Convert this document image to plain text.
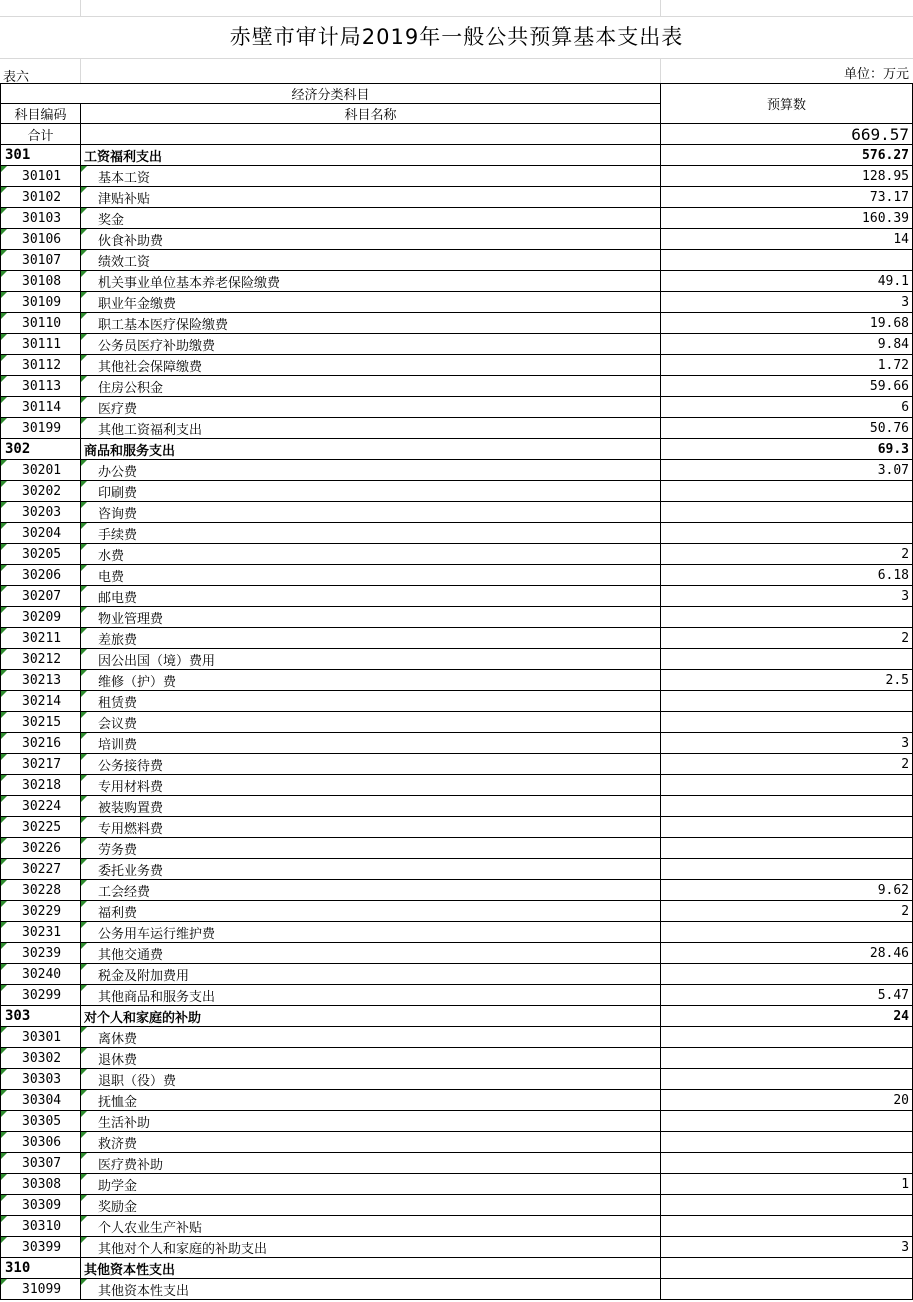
赤壁市审计局2019年一般公共预算基本支出表
表六	单位：万元
经济分类科目		预算数
科目编码	科目名称	
合计		669.57
301	工资福利支出	576.27
30101	基本工资	128.95
30102	津贴补贴	73.17
30103	奖金	160.39
30106	伙食补助费	14
30107	绩效工资	
30108	机关事业单位基本养老保险缴费	49.1
30109	职业年金缴费	3
30110	职工基本医疗保险缴费	19.68
30111	公务员医疗补助缴费	9.84
30112	其他社会保障缴费	1.72
30113	住房公积金	59.66
30114	医疗费	6
30199	其他工资福利支出	50.76
302	商品和服务支出	69.3
30201	办公费	3.07
30202	印刷费	
30203	咨询费	
30204	手续费	
30205	水费	2
30206	电费	6.18
30207	邮电费	3
30209	物业管理费	
30211	差旅费	2
30212	因公出国（境）费用	
30213	维修（护）费	2.5
30214	租赁费	
30215	会议费	
30216	培训费	3
30217	公务接待费	2
30218	专用材料费	
30224	被装购置费	
30225	专用燃料费	
30226	劳务费	
30227	委托业务费	
30228	工会经费	9.62
30229	福利费	2
30231	公务用车运行维护费	
30239	其他交通费	28.46
30240	税金及附加费用	
30299	其他商品和服务支出	5.47
303	对个人和家庭的补助	24
30301	离休费	
30302	退休费	
30303	退职（役）费	
30304	抚恤金	20
30305	生活补助	
30306	救济费	
30307	医疗费补助	
30308	助学金	1
30309	奖励金	
30310	个人农业生产补贴	
30399	其他对个人和家庭的补助支出	3
310	其他资本性支出	
31099	其他资本性支出	
